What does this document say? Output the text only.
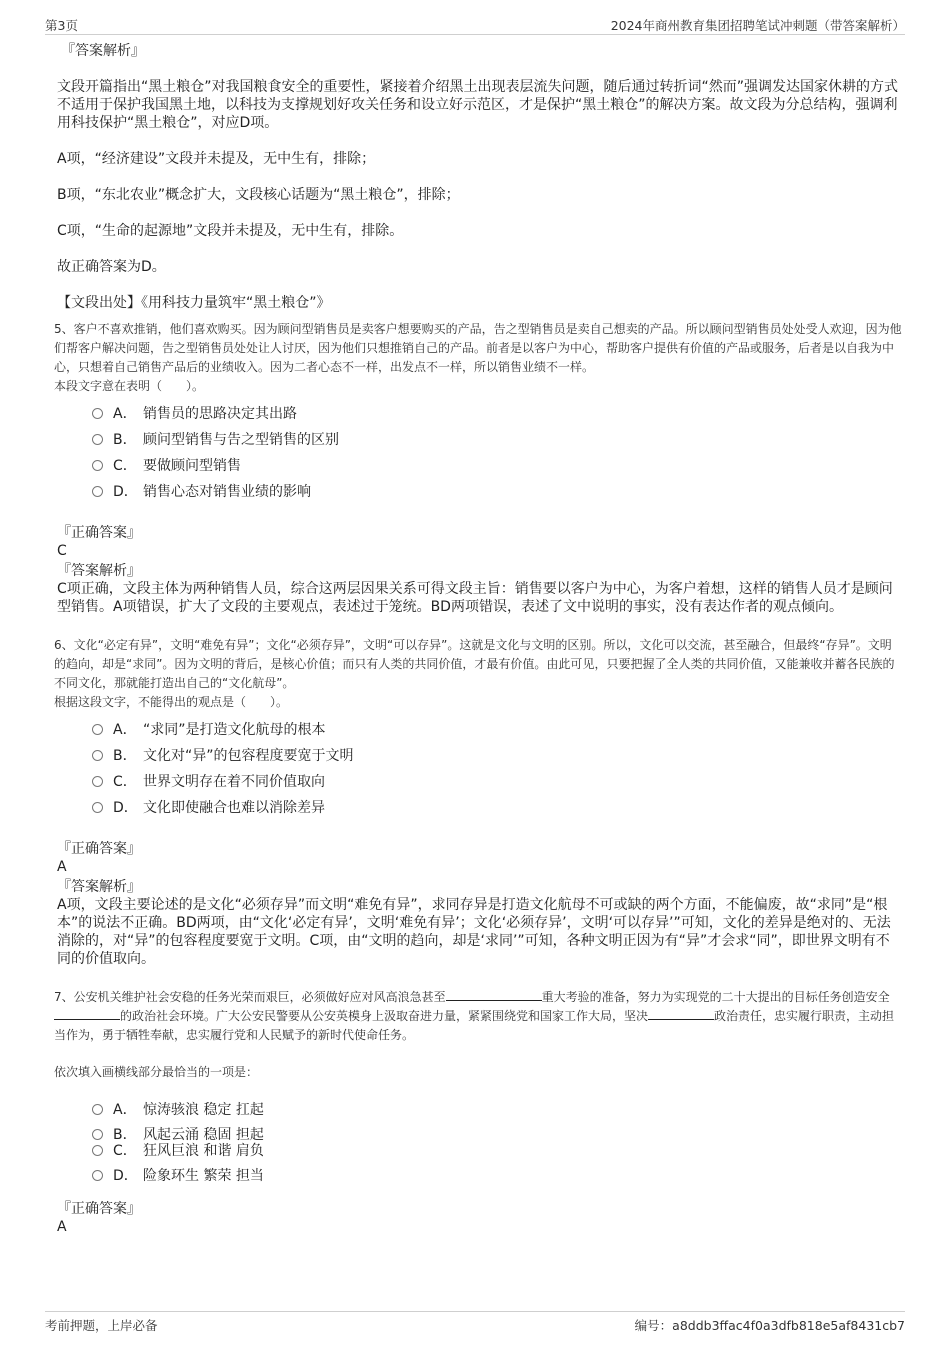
第3页	2024年商州教育集团招聘笔试冲刺题（带答案解析）

『答案解析』

文段开篇指出“黑土粮仓”对我国粮食安全的重要性，紧接着介绍黑土出现表层流失问题，随后通过转折词“然而”强调发达国家休耕的方式不适用于保护我国黑土地，以科技为支撑规划好攻关任务和设立好示范区，才是保护“黑土粮仓”的解决方案。故文段为分总结构，强调利用科技保护“黑土粮仓”，对应D项。

A项，“经济建设”文段并未提及，无中生有，排除；

B项，“东北农业”概念扩大，文段核心话题为“黑土粮仓”，排除；

C项，“生命的起源地”文段并未提及，无中生有，排除。

故正确答案为D。

【文段出处】《用科技力量筑牢“黑土粮仓”》

5、客户不喜欢推销，他们喜欢购买。因为顾问型销售员是卖客户想要购买的产品，告之型销售员是卖自己想卖的产品。所以顾问型销售员处处受人欢迎，因为他们帮客户解决问题，告之型销售员处处让人讨厌，因为他们只想推销自己的产品。前者是以客户为中心，帮助客户提供有价值的产品或服务，后者是以自我为中心，只想着自己销售产品后的业绩收入。因为二者心态不一样，出发点不一样，所以销售业绩不一样。

本段文字意在表明（　　）。

A． 销售员的思路决定其出路
B． 顾问型销售与告之型销售的区别
C． 要做顾问型销售
D． 销售心态对销售业绩的影响

『正确答案』

C

『答案解析』

C项正确，文段主体为两种销售人员，综合这两层因果关系可得文段主旨：销售要以客户为中心，为客户着想，这样的销售人员才是顾问型销售。A项错误，扩大了文段的主要观点，表述过于笼统。BD两项错误，表述了文中说明的事实，没有表达作者的观点倾向。

6、文化“必定有异”，文明“难免有异”；文化“必须存异”，文明“可以存异”。这就是文化与文明的区别。所以，文化可以交流，甚至融合，但最终“存异”。文明的趋向，却是“求同”。因为文明的背后，是核心价值；而只有人类的共同价值，才最有价值。由此可见，只要把握了全人类的共同价值，又能兼收并蓄各民族的不同文化，那就能打造出自己的“文化航母”。

根据这段文字，不能得出的观点是（　　）。

A． “求同”是打造文化航母的根本
B． 文化对“异”的包容程度要宽于文明
C． 世界文明存在着不同价值取向
D． 文化即使融合也难以消除差异

『正确答案』

A

『答案解析』

A项，文段主要论述的是文化“必须存异”而文明“难免有异”，求同存异是打造文化航母不可或缺的两个方面，不能偏废，故“求同”是“根本”的说法不正确。BD两项，由“文化‘必定有异’，文明‘难免有异’；文化‘必须存异’，文明‘可以存异’”可知，文化的差异是绝对的、无法消除的，对“异”的包容程度要宽于文明。C项，由“文明的趋向，却是‘求同’”可知，各种文明正因为有“异”才会求“同”，即世界文明有不同的价值取向。

7、公安机关维护社会安稳的任务光荣而艰巨，必须做好应对风高浪急甚至	重大考验的准备，努力为实现党的二十大提出的目标任务创造安全的政治社会环境。广大公安民警要从公安英模身上汲取奋进力量，紧紧围绕党和国家工作大局，坚决	政治责任，忠实履行职责，主动担当作为，勇于牺牲奉献，忠实履行党和人民赋予的新时代使命任务。

依次填入画横线部分最恰当的一项是：

A． 惊涛骇浪 稳定 扛起
B． 风起云涌 稳固 担起
C． 狂风巨浪 和谐 肩负
D． 险象环生 繁荣 担当

『正确答案』

A

考前押题，上岸必备	编号：a8ddb3ffac4f0a3dfb818e5af8431cb7
